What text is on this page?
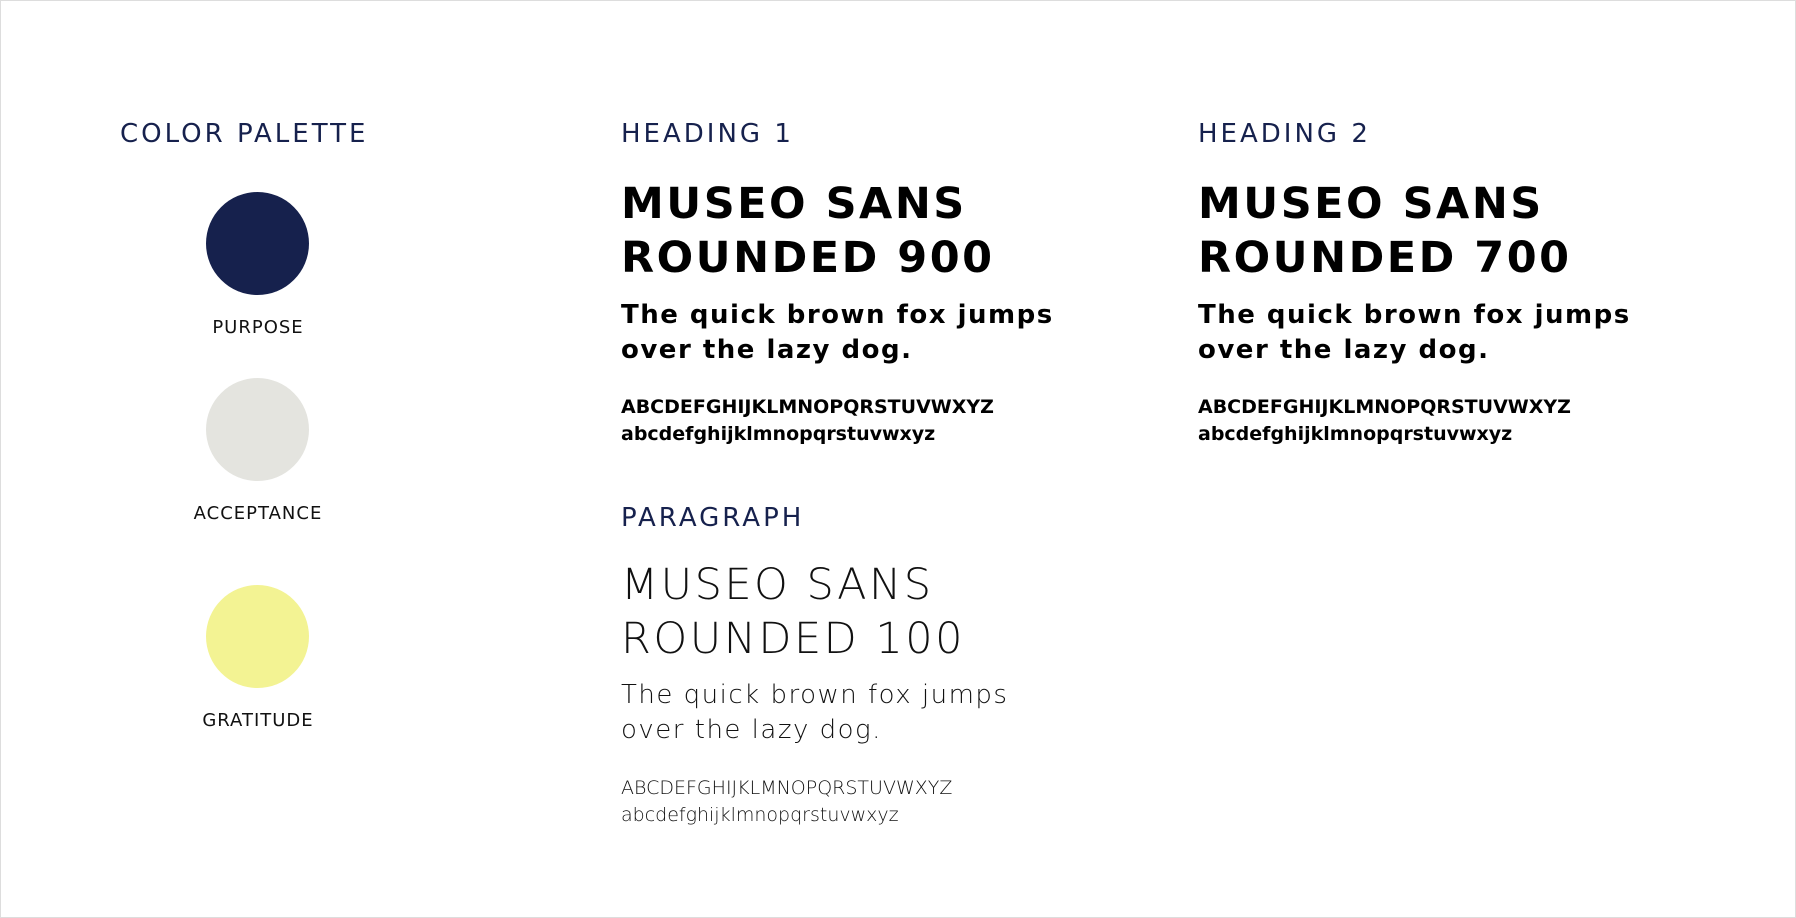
COLOR PALETTE
PURPOSE
ACCEPTANCE
GRATITUDE
HEADING 1
MUSEO SANS
ROUNDED 900
The quick brown fox jumps
over the lazy dog.
ABCDEFGHIJKLMNOPQRSTUVWXYZ
abcdefghijklmnopqrstuvwxyz
PARAGRAPH
MUSEO SANS
ROUNDED 100
The quick brown fox jumps
over the lazy dog.
ABCDEFGHIJKLMNOPQRSTUVWXYZ
abcdefghijklmnopqrstuvwxyz
HEADING 2
MUSEO SANS
ROUNDED 700
The quick brown fox jumps
over the lazy dog.
ABCDEFGHIJKLMNOPQRSTUVWXYZ
abcdefghijklmnopqrstuvwxyz
